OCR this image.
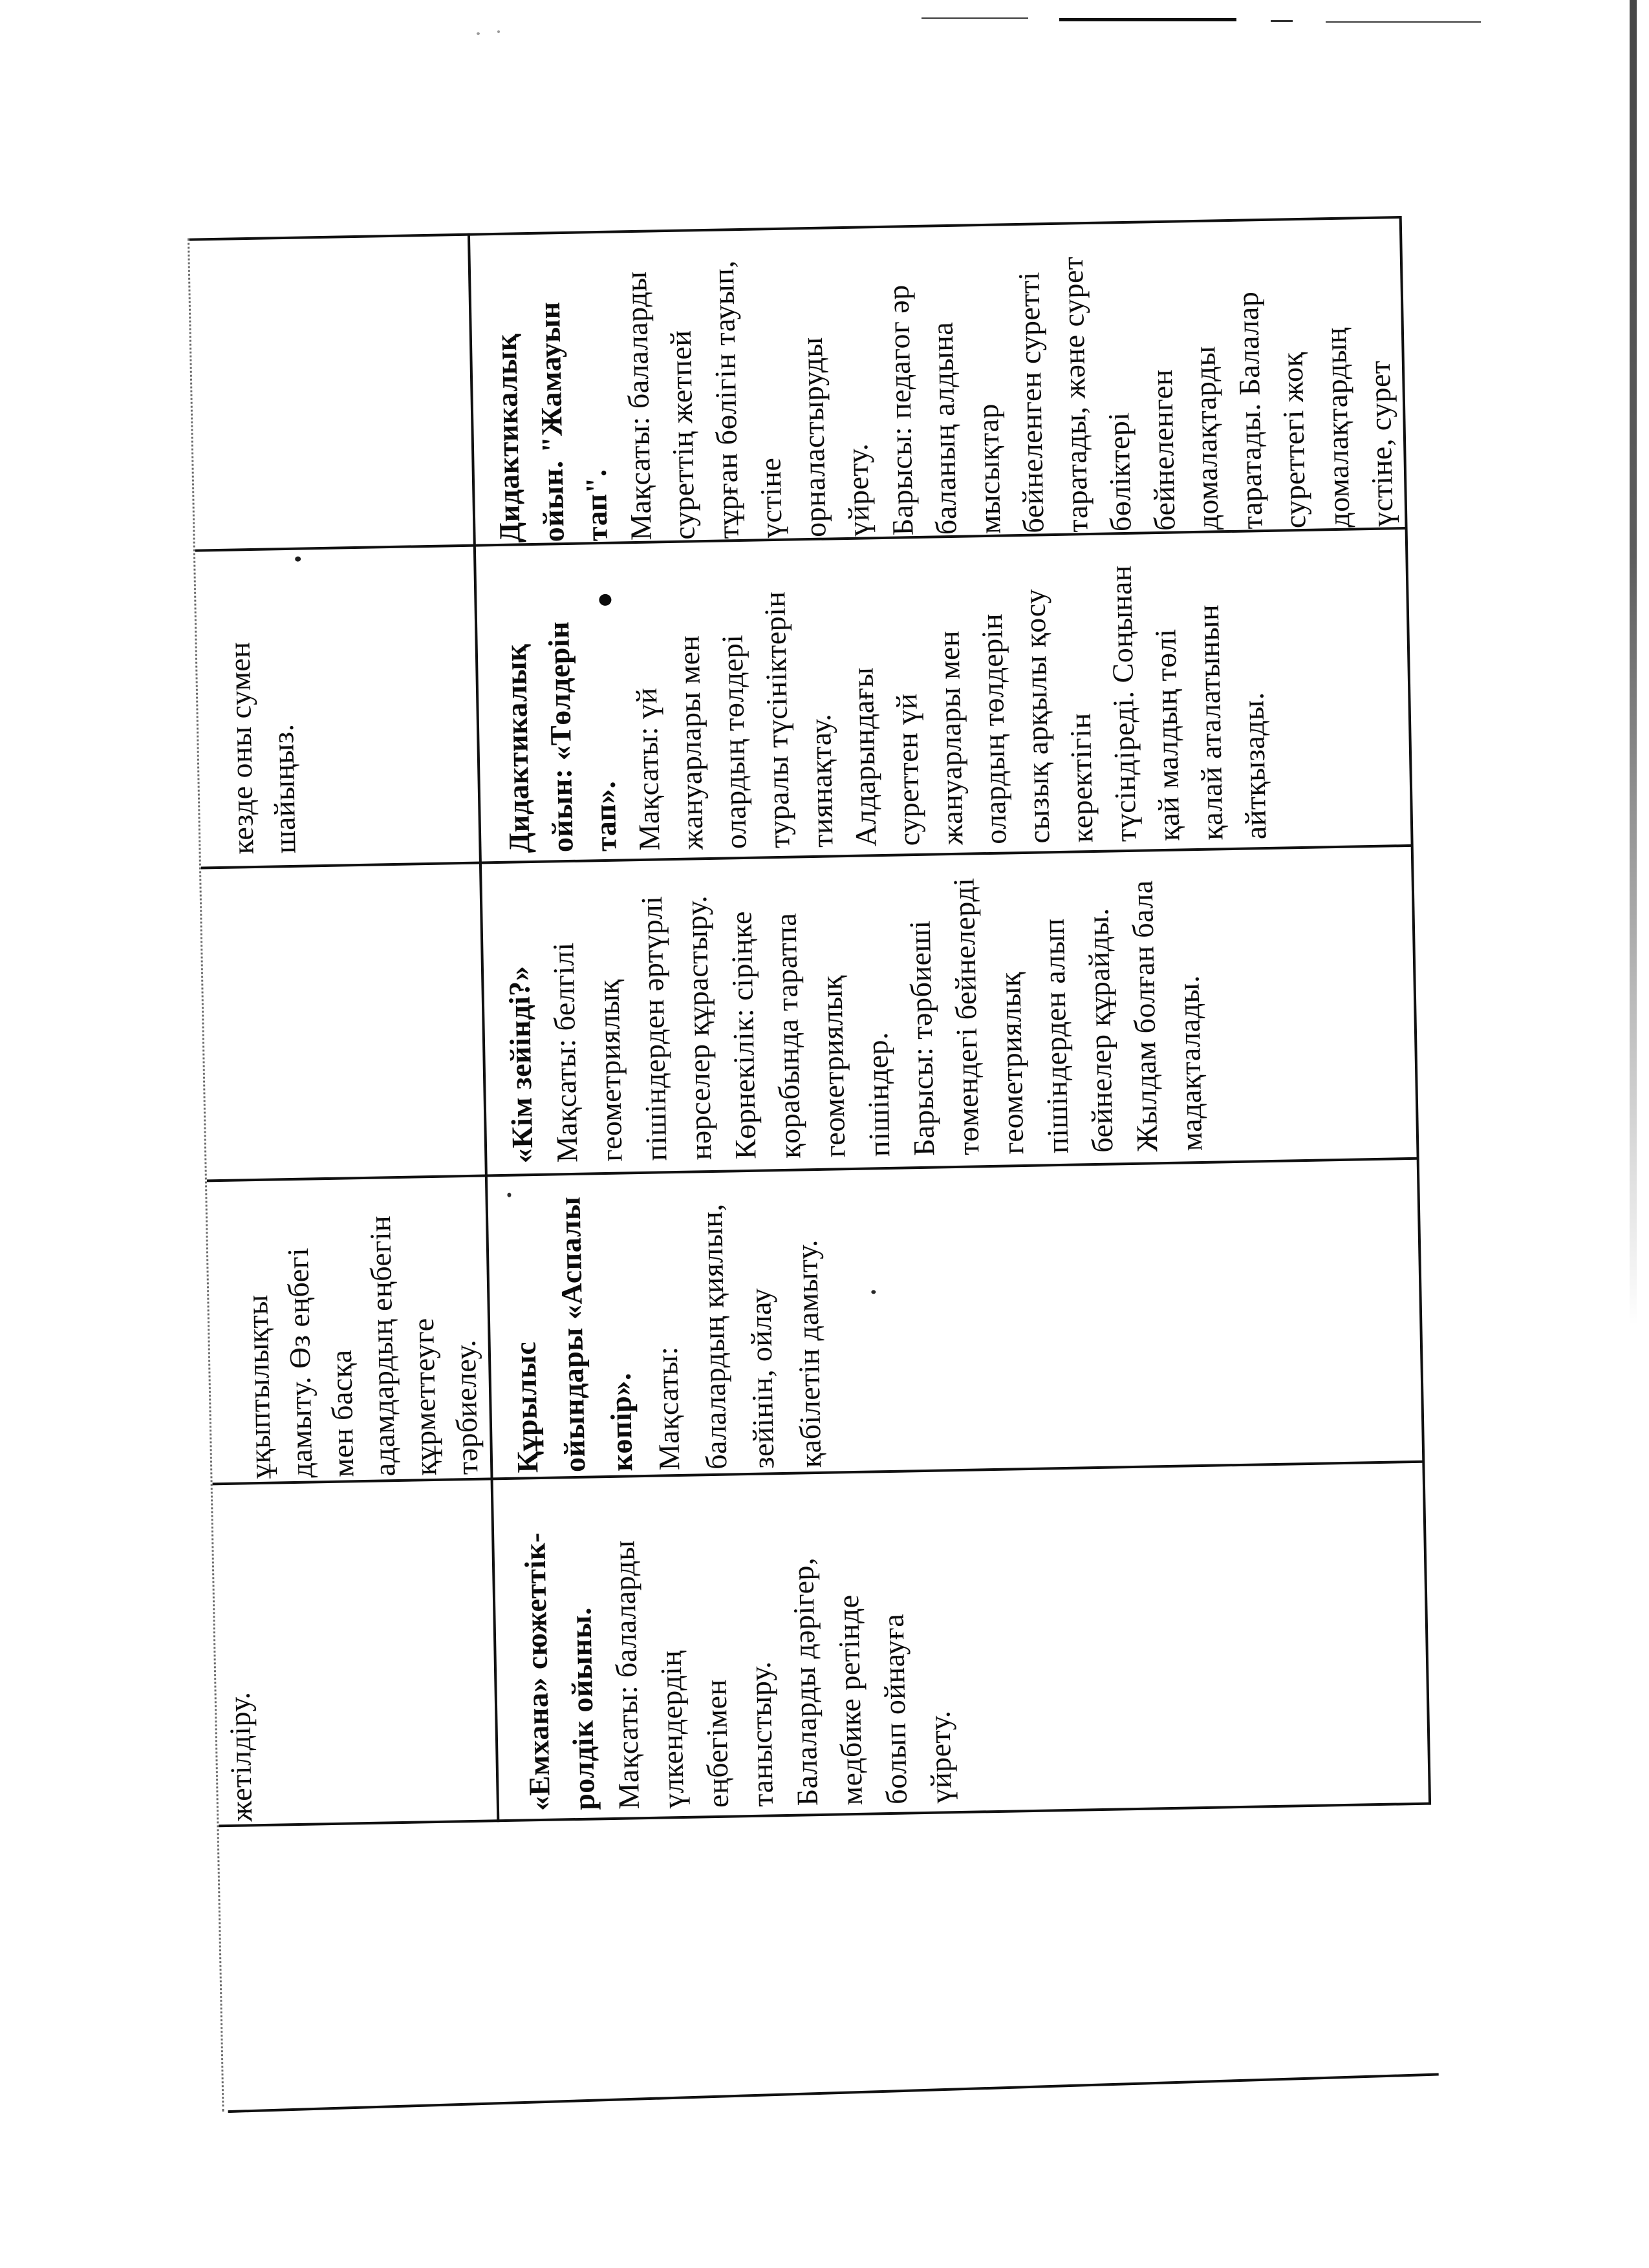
Дидактикалық ойын. "Жамауын тап". Мақсаты: балаларды суреттің жетпей тұрған бөлігін тауып, үстіне орналастыруды үйрету. Барысы: педагог әр баланың алдына мысықтар бейнеленген суретті таратады, және сурет бөліктері бейнеленген домалақтарды таратады. Балалар суреттегі жоқ домалақтардың үстіне, сурет
Дидактикалық ойын: «Төлдерін тап». Мақсаты: үй жануарлары мен олардың төлдері туралы түсініктерін тиянақтау. Алдарындағы суреттен үй жануарлары мен олардың төлдерін сызық арқылы қосу керектігін түсіндіреді. Соңынан қай малдың төлі қалай аталатынын айтқызады.
«Кім зейінді?» Мақсаты: белгілі геометриялық пішіндерден әртүрлі нәрселер құрастыру. Көрнекілік: сіріңке қорабында таратпа геометриялық пішіндер. Барысы: тәрбиеші төмендегі бейнелерді геометриялық пішіндерден алып бейнелер құрайды. Жылдам болған бала мадақталады.
Құрылыс ойындары «Аспалы көпір». Мақсаты: балалардың қиялын, зейінін, ойлау қабілетін дамыту.
«Емхана» сюжеттік- ролдік ойыны. Мақсаты: балаларды үлкендердің еңбегімен таныстыру. Балаларды дәрігер, медбике ретінде болып ойнауға үйрету.
ұқыптылықты дамыту. Өз еңбегі мен басқа адамдардың еңбегін құрметтеуге тәрбиелеу.
кезде оны сумен шайыңыз.
жетілдіру.
